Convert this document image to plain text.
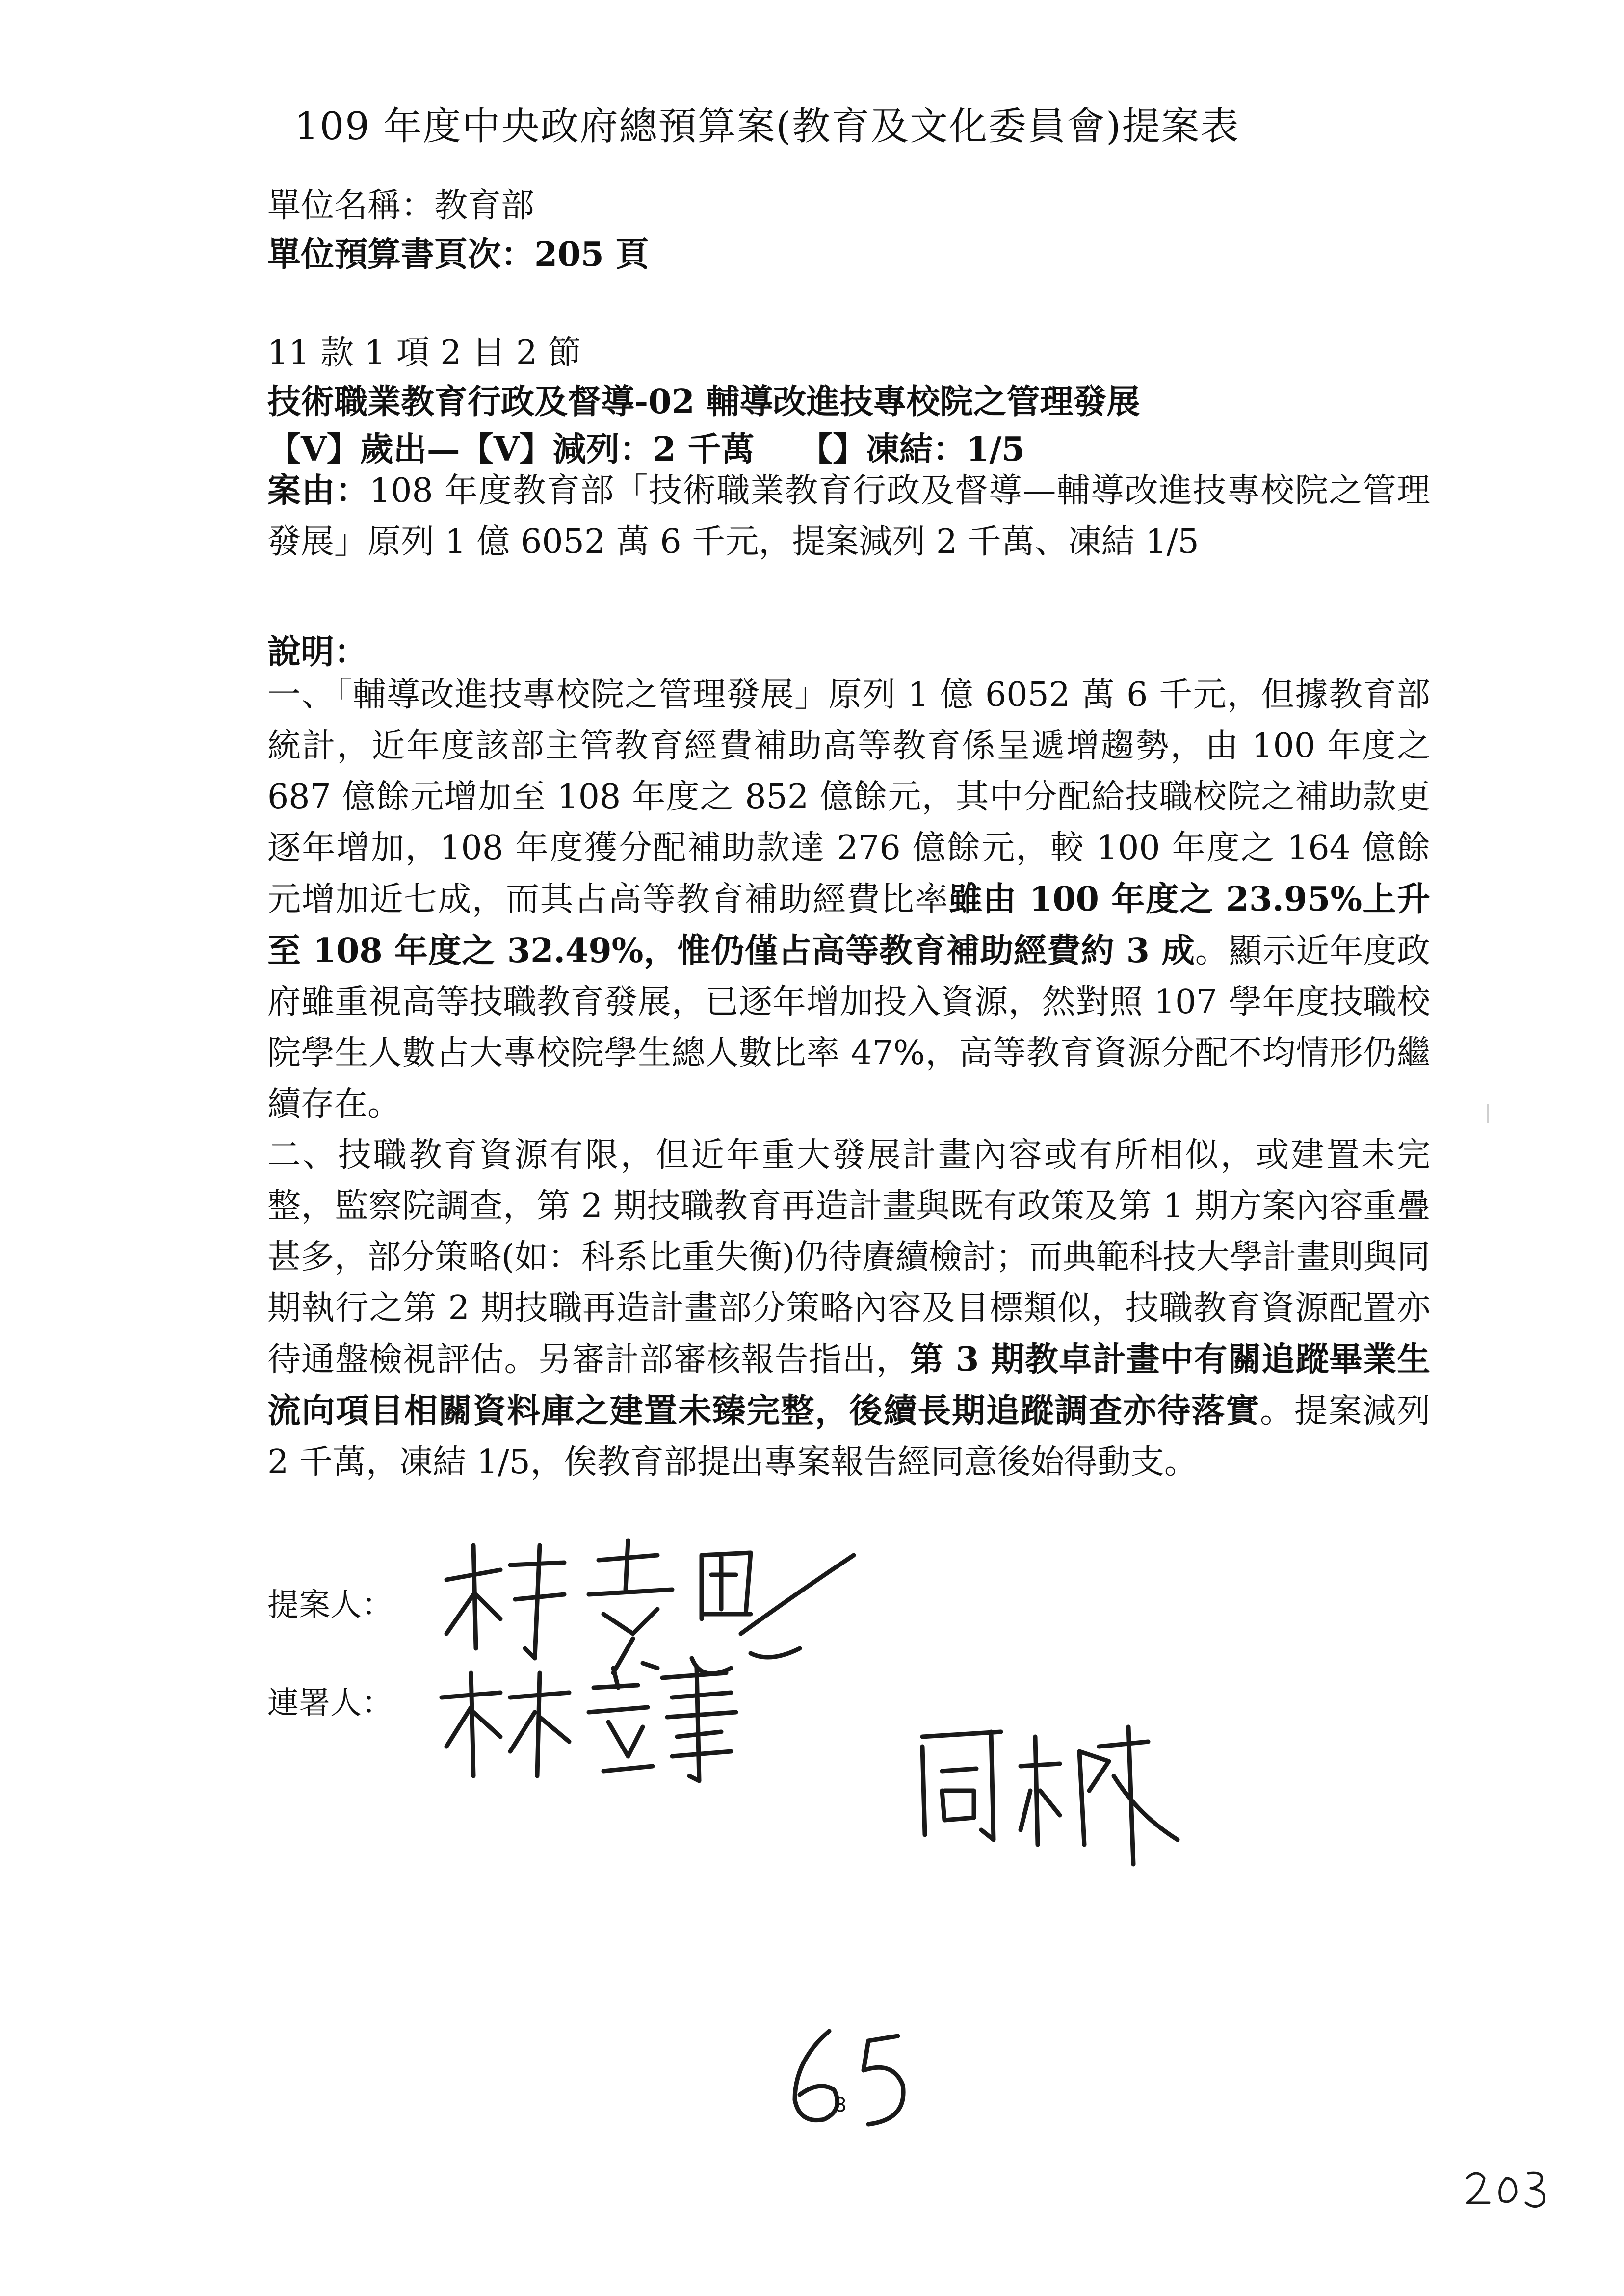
109 年度中央政府總預算案(教育及文化委員會)提案表
單位名稱：教育部
單位預算書頁次：205 頁
11 款 1 項 2 目 2 節
技術職業教育行政及督導-02 輔導改進技專校院之管理發展
【V】歲出—【V】減列：2 千萬　 【】凍結：1/5

案由：108 年度教育部「技術職業教育行政及督導—輔導改進技專校院之管理發展」原列 1 億 6052 萬 6 千元，提案減列 2 千萬、凍結 1/5

說明：

一、「輔導改進技專校院之管理發展」原列 1 億 6052 萬 6 千元，但據教育部統計，近年度該部主管教育經費補助高等教育係呈遞增趨勢，由 100 年度之 687 億餘元增加至 108 年度之 852 億餘元，其中分配給技職校院之補助款更逐年增加，108 年度獲分配補助款達 276 億餘元，較 100 年度之 164 億餘元增加近七成，而其占高等教育補助經費比率雖由 100 年度之 23.95%上升至 108 年度之 32.49%，惟仍僅占高等教育補助經費約 3 成。顯示近年度政府雖重視高等技職教育發展，已逐年增加投入資源，然對照 107 學年度技職校院學生人數占大專校院學生總人數比率 47%，高等教育資源分配不均情形仍繼續存在。

二、技職教育資源有限，但近年重大發展計畫內容或有所相似，或建置未完整，監察院調查，第 2 期技職教育再造計畫與既有政策及第 1 期方案內容重疊甚多，部分策略(如：科系比重失衡)仍待賡續檢討；而典範科技大學計畫則與同期執行之第 2 期技職再造計畫部分策略內容及目標類似，技職教育資源配置亦待通盤檢視評估。另審計部審核報告指出，第 3 期教卓計畫中有關追蹤畢業生流向項目相關資料庫之建置未臻完整，後續長期追蹤調查亦待落實。提案減列 2 千萬，凍結 1/5，俟教育部提出專案報告經同意後始得動支。

提案人：
連署人：
8
